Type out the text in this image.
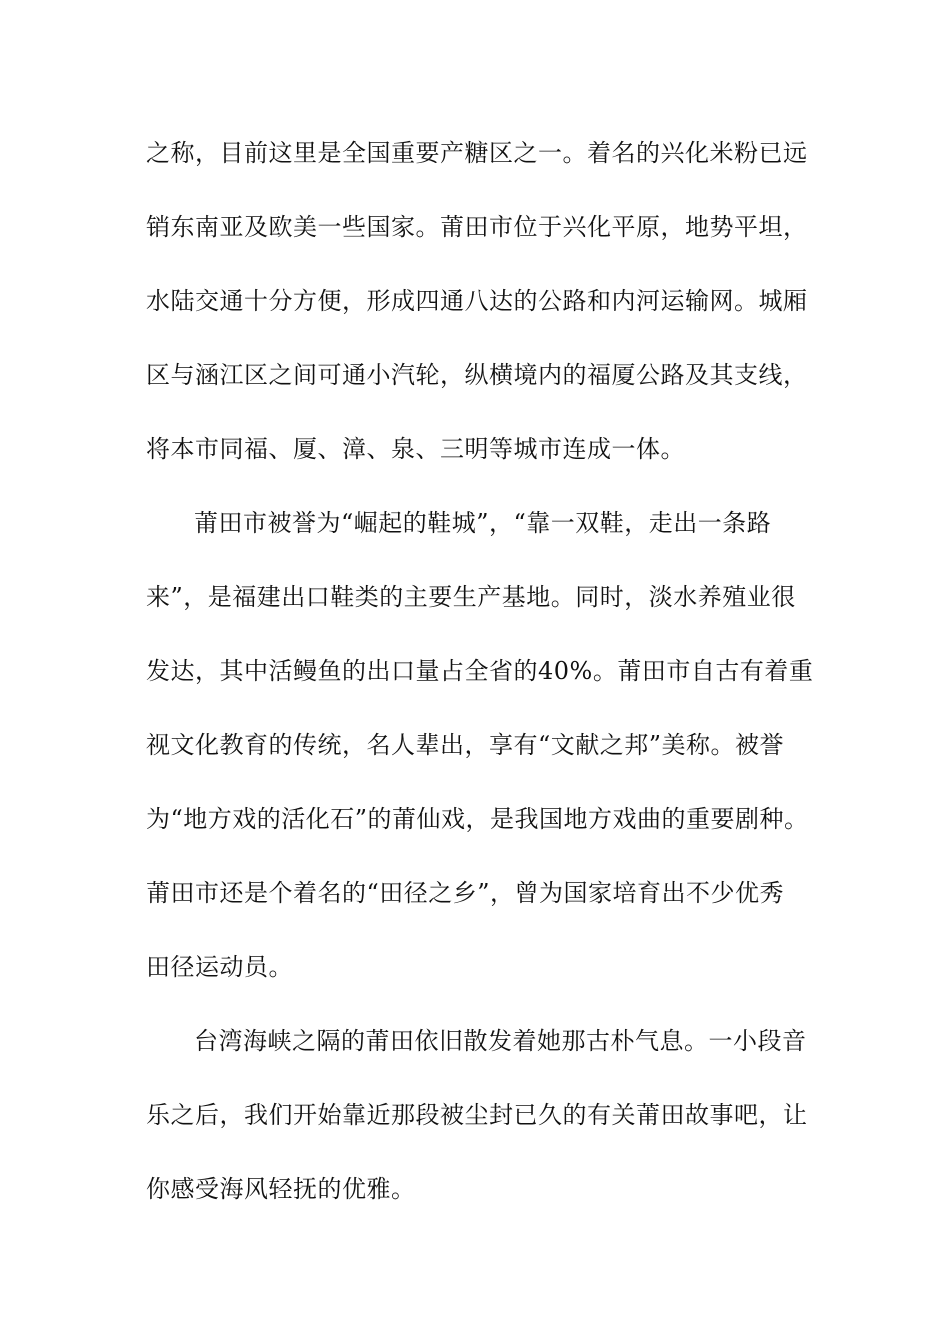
之称，目前这里是全国重要产糖区之一。着名的兴化米粉已远
销东南亚及欧美一些国家。莆田市位于兴化平原，地势平坦，
水陆交通十分方便，形成四通八达的公路和内河运输网。城厢
区与涵江区之间可通小汽轮，纵横境内的福厦公路及其支线，
将本市同福、厦、漳、泉、三明等城市连成一体。
莆田市被誉为“崛起的鞋城”，“靠一双鞋，走出一条路
来”，是福建出口鞋类的主要生产基地。同时，淡水养殖业很
发达，其中活鳗鱼的出口量占全省的40%。莆田市自古有着重
视文化教育的传统，名人辈出，享有“文献之邦”美称。被誉
为“地方戏的活化石”的莆仙戏，是我国地方戏曲的重要剧种。
莆田市还是个着名的“田径之乡”，曾为国家培育出不少优秀
田径运动员。
台湾海峡之隔的莆田依旧散发着她那古朴气息。一小段音
乐之后，我们开始靠近那段被尘封已久的有关莆田故事吧，让
你感受海风轻抚的优雅。
